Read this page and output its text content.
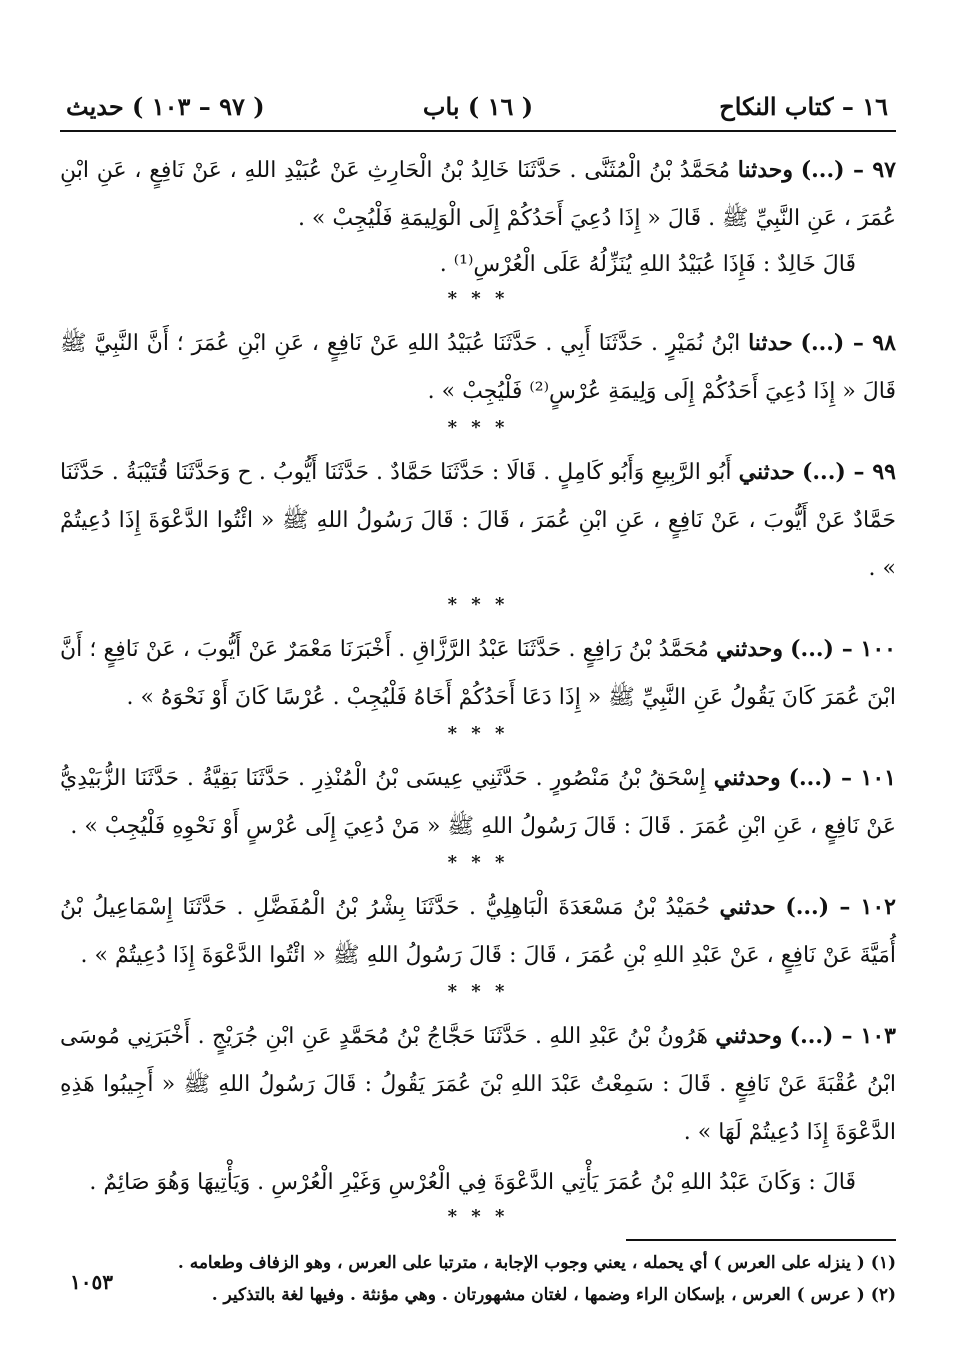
١٦ – كتاب النكاح
( ١٦ ) باب
( ٩٧ – ١٠٣ ) حديث

٩٧ – (...) وحدثنا مُحَمَّدُ بْنُ الْمُثَنَّى . حَدَّثَنَا خَالِدُ بْنُ الْحَارِثِ عَنْ عُبَيْدِ اللهِ ، عَنْ نَافِعٍ ، عَنِ ابْنِ عُمَرَ ، عَنِ النَّبِيِّ ﷺ . قَالَ « إِذَا دُعِيَ أَحَدُكُمْ إِلَى الْوَلِيمَةِ فَلْيُجِبْ » .

قَالَ خَالِدٌ : فَإِذَا عُبَيْدُ اللهِ يُنَزِّلُهُ عَلَى الْعُرْسِ⁽¹⁾ .

* * *

٩٨ – (...) حدثنا ابْنُ نُمَيْرٍ . حَدَّثَنَا أَبِي . حَدَّثَنَا عُبَيْدُ اللهِ عَنْ نَافِعٍ ، عَنِ ابْنِ عُمَرَ ؛ أَنَّ النَّبِيَّ ﷺ قَالَ « إِذَا دُعِيَ أَحَدُكُمْ إِلَى وَلِيمَةِ عُرْسٍ⁽²⁾ فَلْيُجِبْ » .

* * *

٩٩ – (...) حدثني أَبُو الرَّبِيعِ وَأَبُو كَامِلٍ . قَالَا : حَدَّثَنَا حَمَّادٌ . حَدَّثَنَا أَيُّوبُ . ح وَحَدَّثَنَا قُتَيْبَةُ . حَدَّثَنَا حَمَّادٌ عَنْ أَيُّوبَ ، عَنْ نَافِعٍ ، عَنِ ابْنِ عُمَرَ ، قَالَ : قَالَ رَسُولُ اللهِ ﷺ « ائْتُوا الدَّعْوَةَ إِذَا دُعِيتُمْ » .

* * *

١٠٠ – (...) وحدثني مُحَمَّدُ بْنُ رَافِعٍ . حَدَّثَنَا عَبْدُ الرَّزَّاقِ . أَخْبَرَنَا مَعْمَرٌ عَنْ أَيُّوبَ ، عَنْ نَافِعٍ ؛ أَنَّ ابْنَ عُمَرَ كَانَ يَقُولُ عَنِ النَّبِيِّ ﷺ « إِذَا دَعَا أَحَدُكُمْ أَخَاهُ فَلْيُجِبْ . عُرْسًا كَانَ أَوْ نَحْوَهُ » .

* * *

١٠١ – (...) وحدثني إِسْحَقُ بْنُ مَنْصُورٍ . حَدَّثَنِي عِيسَى بْنُ الْمُنْذِرِ . حَدَّثَنَا بَقِيَّةُ . حَدَّثَنَا الزُّبَيْدِيُّ عَنْ نَافِعٍ ، عَنِ ابْنِ عُمَرَ . قَالَ : قَالَ رَسُولُ اللهِ ﷺ « مَنْ دُعِيَ إِلَى عُرْسٍ أَوْ نَحْوِهِ فَلْيُجِبْ » .

* * *

١٠٢ – (...) حدثني حُمَيْدُ بْنُ مَسْعَدَةَ الْبَاهِلِيُّ . حَدَّثَنَا بِشْرُ بْنُ الْمُفَضَّلِ . حَدَّثَنَا إِسْمَاعِيلُ بْنُ أُمَيَّةَ عَنْ نَافِعٍ ، عَنْ عَبْدِ اللهِ بْنِ عُمَرَ ، قَالَ : قَالَ رَسُولُ اللهِ ﷺ « ائْتُوا الدَّعْوَةَ إِذَا دُعِيتُمْ » .

* * *

١٠٣ – (...) وحدثني هَرُونُ بْنُ عَبْدِ اللهِ . حَدَّثَنَا حَجَّاجُ بْنُ مُحَمَّدٍ عَنِ ابْنِ جُرَيْجٍ . أَخْبَرَنِي مُوسَى ابْنُ عُقْبَةَ عَنْ نَافِعٍ . قَالَ : سَمِعْتُ عَبْدَ اللهِ بْنَ عُمَرَ يَقُولُ : قَالَ رَسُولُ اللهِ ﷺ « أَجِيبُوا هَذِهِ الدَّعْوَةَ إِذَا دُعِيتُمْ لَهَا » .

قَالَ : وَكَانَ عَبْدُ اللهِ بْنُ عُمَرَ يَأْتِي الدَّعْوَةَ فِي الْعُرْسِ وَغَيْرِ الْعُرْسِ . وَيَأْتِيهَا وَهُوَ صَائِمٌ .

* * *

(١) ( ينزله على العرس ) أي يحمله ، يعني وجوب الإجابة ، مترتبا على العرس ، وهو الزفاف وطعامه .

(٢) ( عرس ) العرس ، بإسكان الراء وضمها ، لغتان مشهورتان . وهي مؤنثة . وفيها لغة بالتذكير .

١٠٥٣
